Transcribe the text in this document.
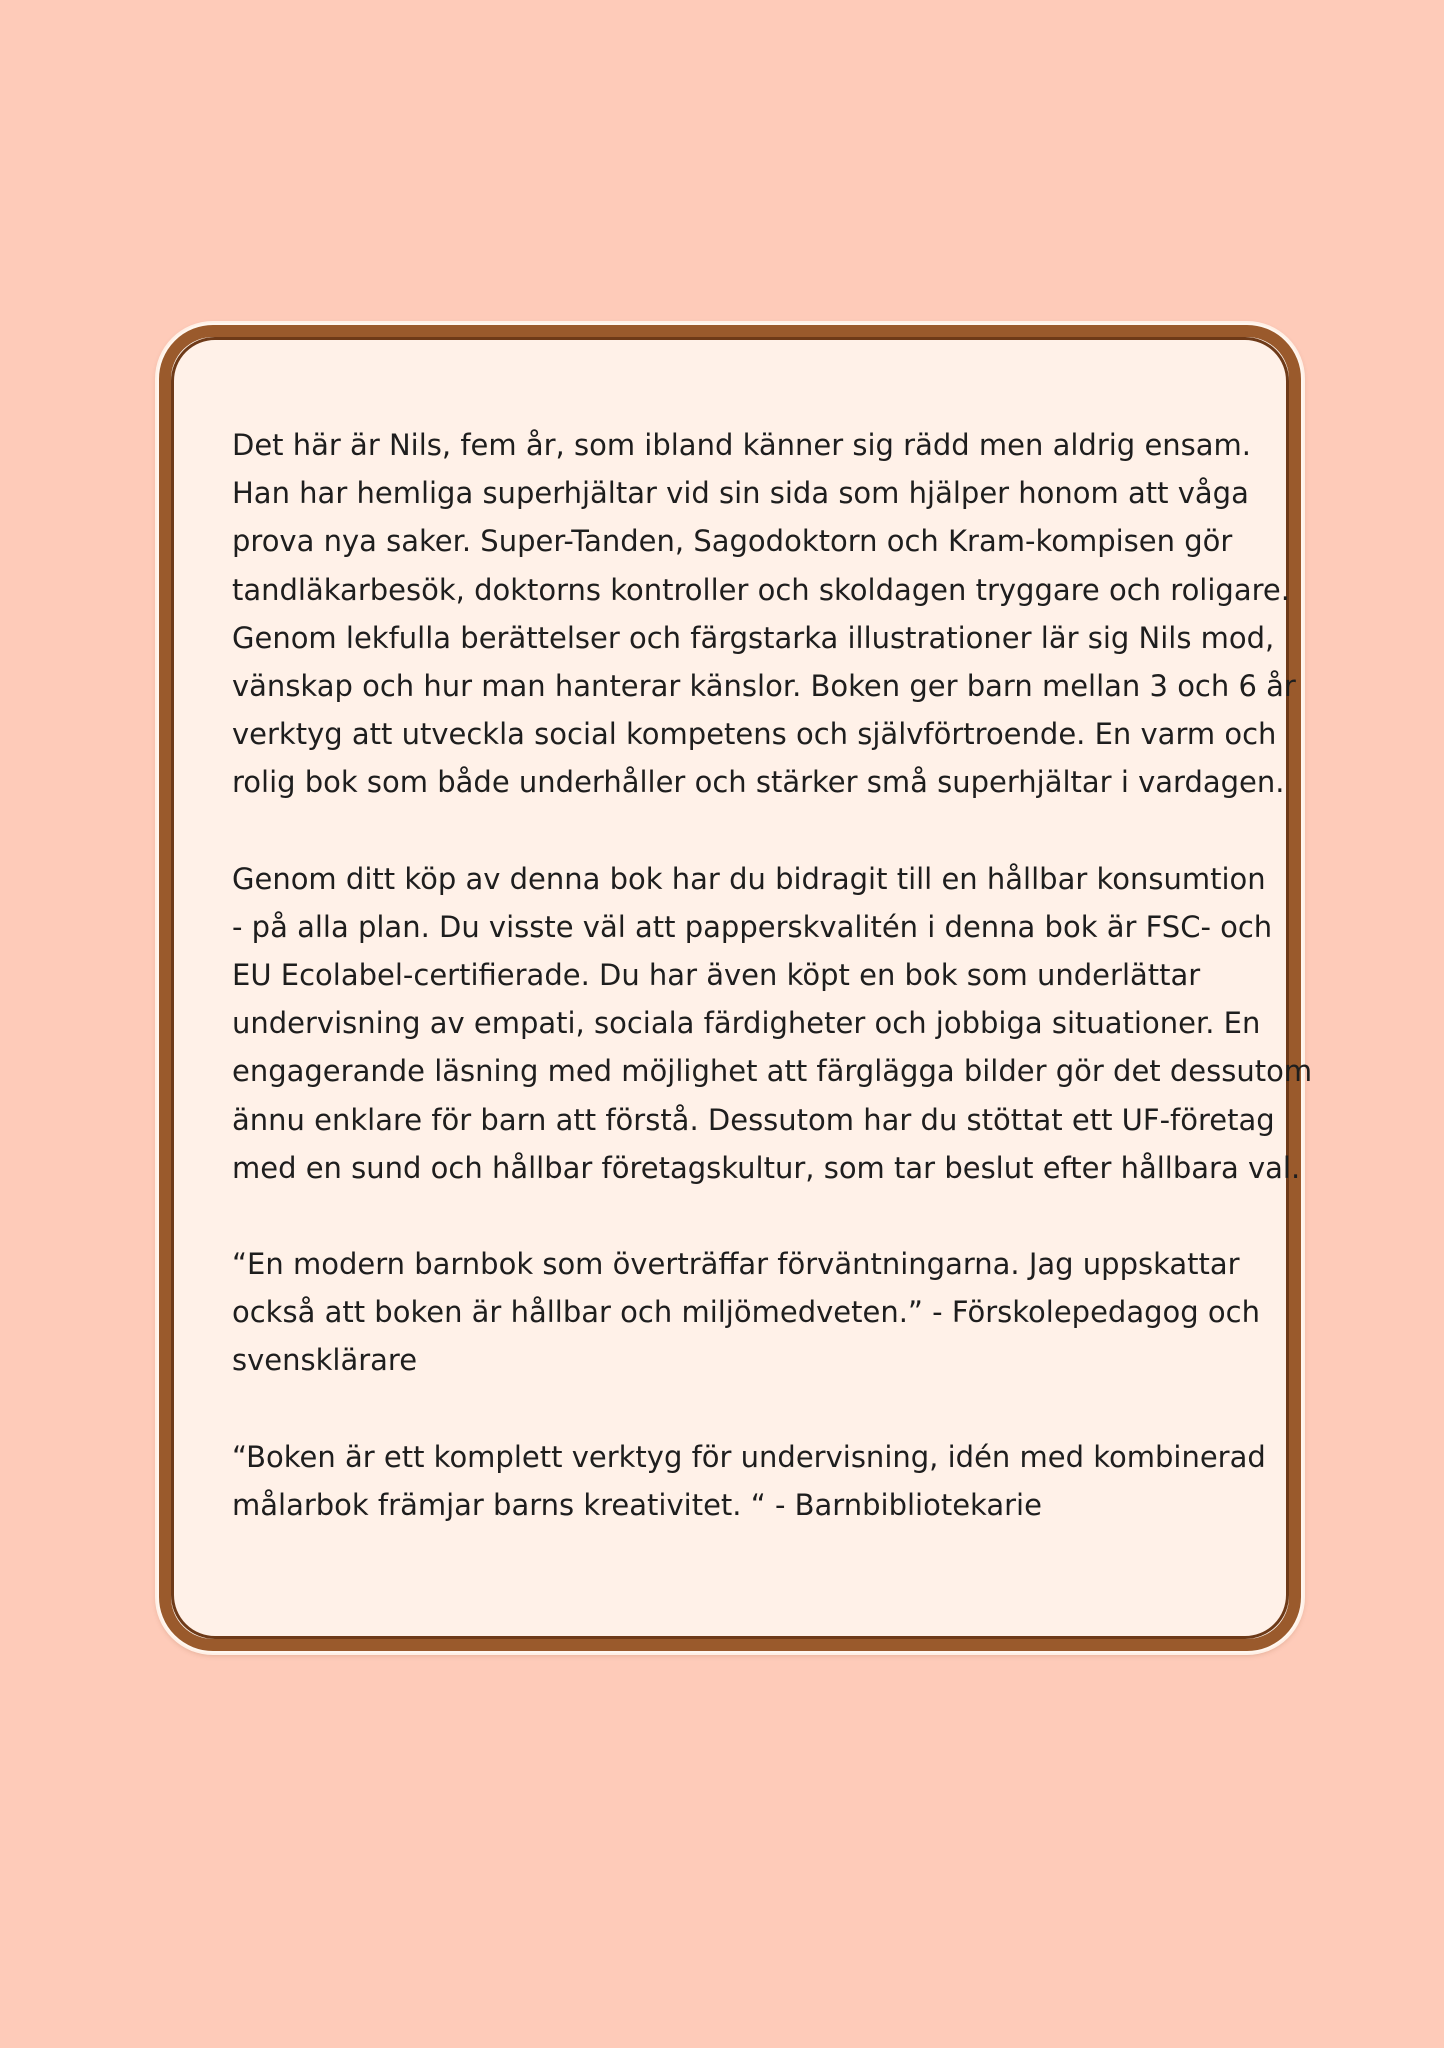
Det här är Nils, fem år, som ibland känner sig rädd men aldrig ensam.
Han har hemliga superhjältar vid sin sida som hjälper honom att våga
prova nya saker. Super-Tanden, Sagodoktorn och Kram-kompisen gör
tandläkarbesök, doktorns kontroller och skoldagen tryggare och roligare.
Genom lekfulla berättelser och färgstarka illustrationer lär sig Nils mod,
vänskap och hur man hanterar känslor. Boken ger barn mellan 3 och 6 år
verktyg att utveckla social kompetens och självförtroende. En varm och
rolig bok som både underhåller och stärker små superhjältar i vardagen.

Genom ditt köp av denna bok har du bidragit till en hållbar konsumtion
- på alla plan. Du visste väl att papperskvalitén i denna bok är FSC- och
EU Ecolabel-certifierade. Du har även köpt en bok som underlättar
undervisning av empati, sociala färdigheter och jobbiga situationer. En
engagerande läsning med möjlighet att färglägga bilder gör det dessutom
ännu enklare för barn att förstå. Dessutom har du stöttat ett UF-företag
med en sund och hållbar företagskultur, som tar beslut efter hållbara val.

“En modern barnbok som överträffar förväntningarna. Jag uppskattar
också att boken är hållbar och miljömedveten.” - Förskolepedagog och
svensklärare

“Boken är ett komplett verktyg för undervisning, idén med kombinerad
målarbok främjar barns kreativitet. “ - Barnbibliotekarie
